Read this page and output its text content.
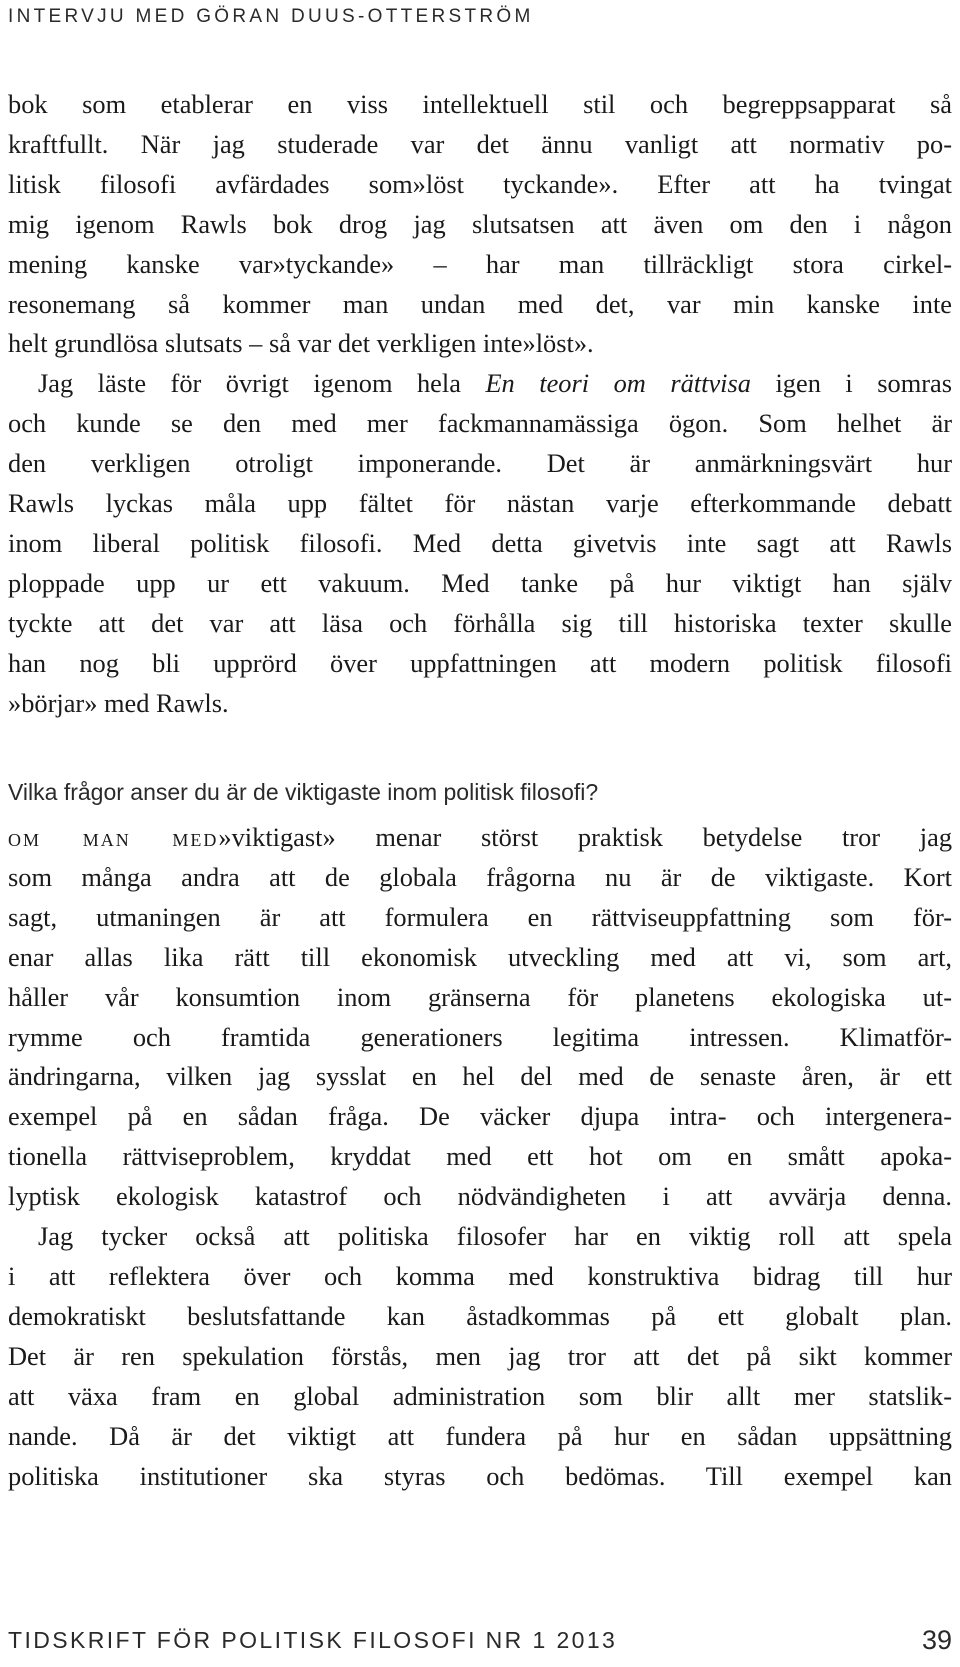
INTERVJU MED GÖRAN DUUS-OTTERSTRÖM
bok som etablerar en viss intellektuell stil och begreppsapparat så
kraftfullt. När jag studerade var det ännu vanligt att normativ po-
litisk filosofi avfärdades som»löst tyckande». Efter att ha tvingat
mig igenom Rawls bok drog jag slutsatsen att även om den i någon
mening kanske var»tyckande» – har man tillräckligt stora cirkel-
resonemang så kommer man undan med det, var min kanske inte
helt grundlösa slutsats – så var det verkligen inte»löst».
Jag läste för övrigt igenom hela En teori om rättvisa igen i somras
och kunde se den med mer fackmannamässiga ögon. Som helhet är
den verkligen otroligt imponerande. Det är anmärkningsvärt hur
Rawls lyckas måla upp fältet för nästan varje efterkommande debatt
inom liberal politisk filosofi. Med detta givetvis inte sagt att Rawls
ploppade upp ur ett vakuum. Med tanke på hur viktigt han själv
tyckte att det var att läsa och förhålla sig till historiska texter skulle
han nog bli upprörd över uppfattningen att modern politisk filosofi
»börjar» med Rawls.
Vilka frågor anser du är de viktigaste inom politisk filosofi?
om man med»viktigast» menar störst praktisk betydelse tror jag
som många andra att de globala frågorna nu är de viktigaste. Kort
sagt, utmaningen är att formulera en rättviseuppfattning som för-
enar allas lika rätt till ekonomisk utveckling med att vi, som art,
håller vår konsumtion inom gränserna för planetens ekologiska ut-
rymme och framtida generationers legitima intressen. Klimatför-
ändringarna, vilken jag sysslat en hel del med de senaste åren, är ett
exempel på en sådan fråga. De väcker djupa intra- och intergenera-
tionella rättviseproblem, kryddat med ett hot om en smått apoka-
lyptisk ekologisk katastrof och nödvändigheten i att avvärja denna.
Jag tycker också att politiska filosofer har en viktig roll att spela
i att reflektera över och komma med konstruktiva bidrag till hur
demokratiskt beslutsfattande kan åstadkommas på ett globalt plan.
Det är ren spekulation förstås, men jag tror att det på sikt kommer
att växa fram en global administration som blir allt mer statslik-
nande. Då är det viktigt att fundera på hur en sådan uppsättning
politiska institutioner ska styras och bedömas. Till exempel kan
TIDSKRIFT FÖR POLITISK FILOSOFI NR 1 2013	39
